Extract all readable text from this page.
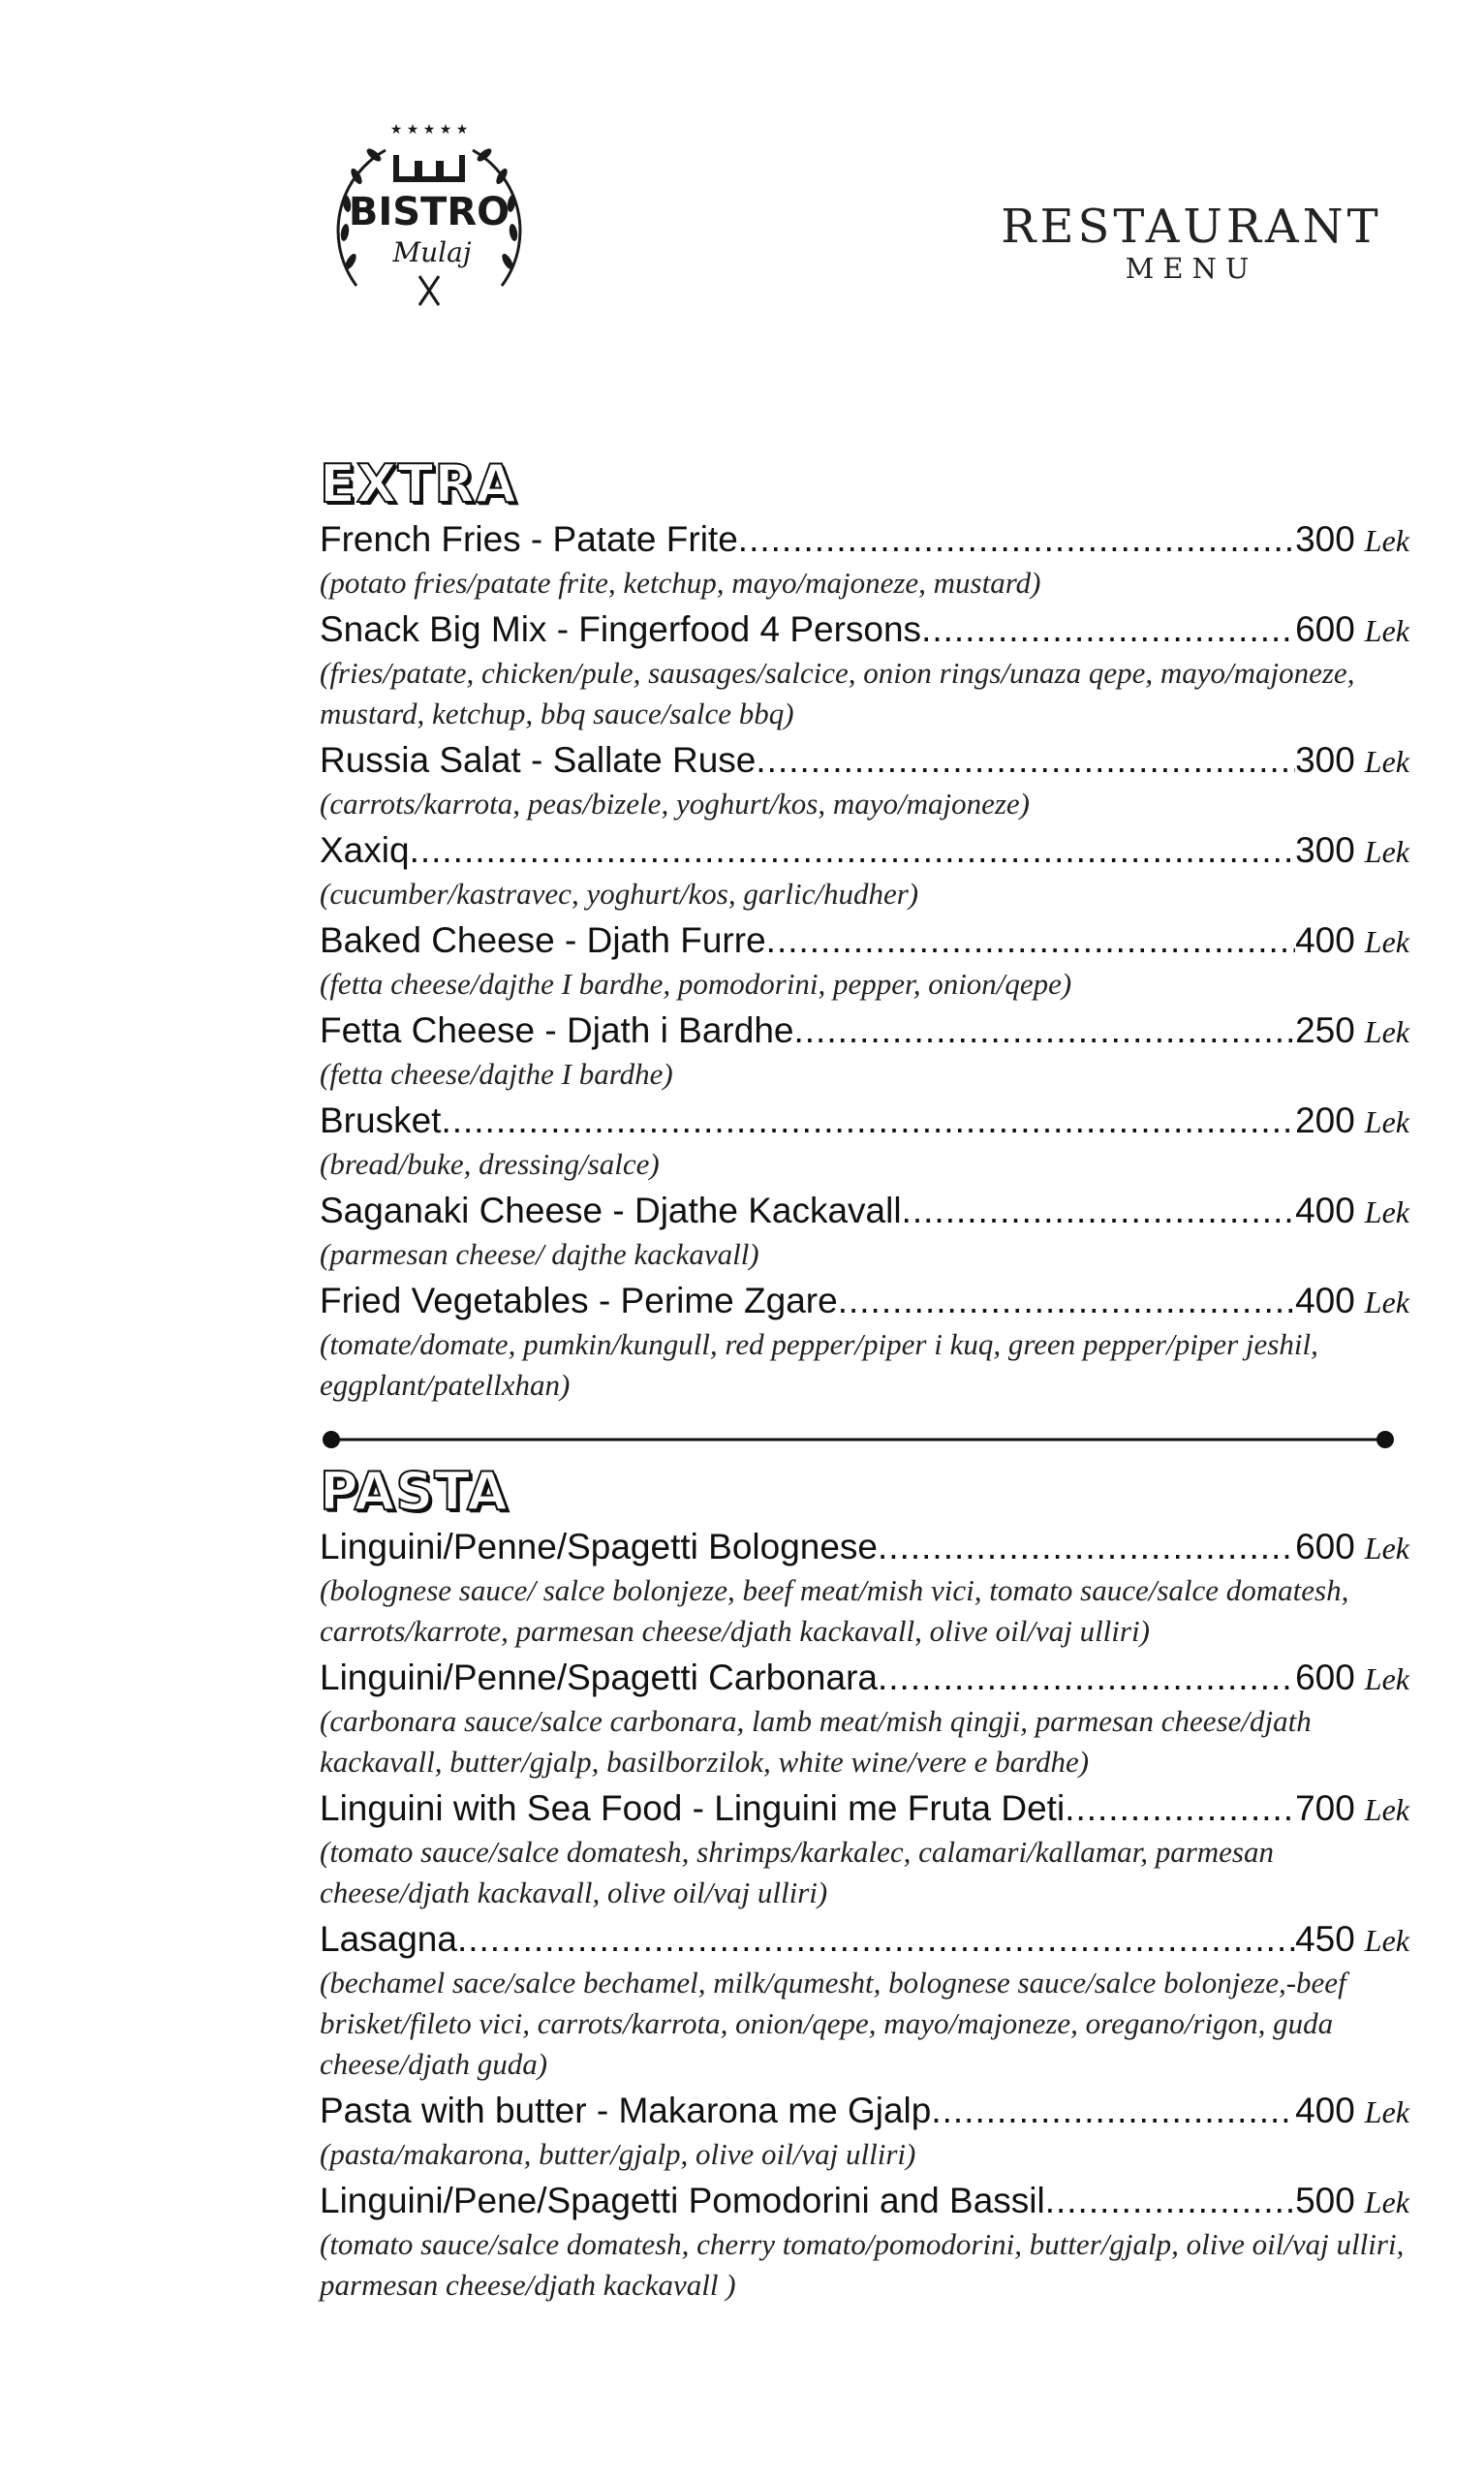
★ ★ ★ ★ ★
BISTRO
Mulaj	RESTAURANT
MENU
EXTRA
French Fries - Patate Frite .....	300 Lek
(potato fries/patate frite, ketchup, mayo/majoneze, mustard)
Snack Big Mix - Fingerfood 4 Persons .....	600 Lek
(fries/patate, chicken/pule, sausages/salcice, onion rings/unaza qepe, mayo/majoneze, mustard, ketchup, bbq sauce/salce bbq)
Russia Salat - Sallate Ruse .....	300 Lek
(carrots/karrota, peas/bizele, yoghurt/kos, mayo/majoneze)
Xaxiq .....	300 Lek
(cucumber/kastravec, yoghurt/kos, garlic/hudher)
Baked Cheese - Djath Furre .....	400 Lek
(fetta cheese/dajthe I bardhe, pomodorini, pepper, onion/qepe)
Fetta Cheese - Djath i Bardhe .....	250 Lek
(fetta cheese/dajthe I bardhe)
Brusket .....	200 Lek
(bread/buke, dressing/salce)
Saganaki Cheese - Djathe Kackavall .....	400 Lek
(parmesan cheese/ dajthe kackavall)
Fried Vegetables - Perime Zgare .....	400 Lek
(tomate/domate, pumkin/kungull, red pepper/piper i kuq, green pepper/piper jeshil, eggplant/patellxhan)
PASTA
Linguini/Penne/Spagetti Bolognese .....	600 Lek
(bolognese sauce/ salce bolonjeze, beef meat/mish vici, tomato sauce/salce domatesh, carrots/karrote, parmesan cheese/djath kackavall, olive oil/vaj ulliri)
Linguini/Penne/Spagetti Carbonara .....	600 Lek
(carbonara sauce/salce carbonara, lamb meat/mish qingji, parmesan cheese/djath kackavall, butter/gjalp, basilborzilok, white wine/vere e bardhe)
Linguini with Sea Food - Linguini me Fruta Deti .....	700 Lek
(tomato sauce/salce domatesh, shrimps/karkalec, calamari/kallamar, parmesan cheese/djath kackavall, olive oil/vaj ulliri)
Lasagna .....	450 Lek
(bechamel sace/salce bechamel, milk/qumesht, bolognese sauce/salce bolonjeze,-beef brisket/fileto vici, carrots/karrota, onion/qepe, mayo/majoneze, oregano/rigon, guda cheese/djath guda)
Pasta with butter - Makarona me Gjalp .....	400 Lek
(pasta/makarona, butter/gjalp, olive oil/vaj ulliri)
Linguini/Pene/Spagetti Pomodorini and Bassil .....	500 Lek
(tomato sauce/salce domatesh, cherry tomato/pomodorini, butter/gjalp, olive oil/vaj ulliri, parmesan cheese/djath kackavall )
